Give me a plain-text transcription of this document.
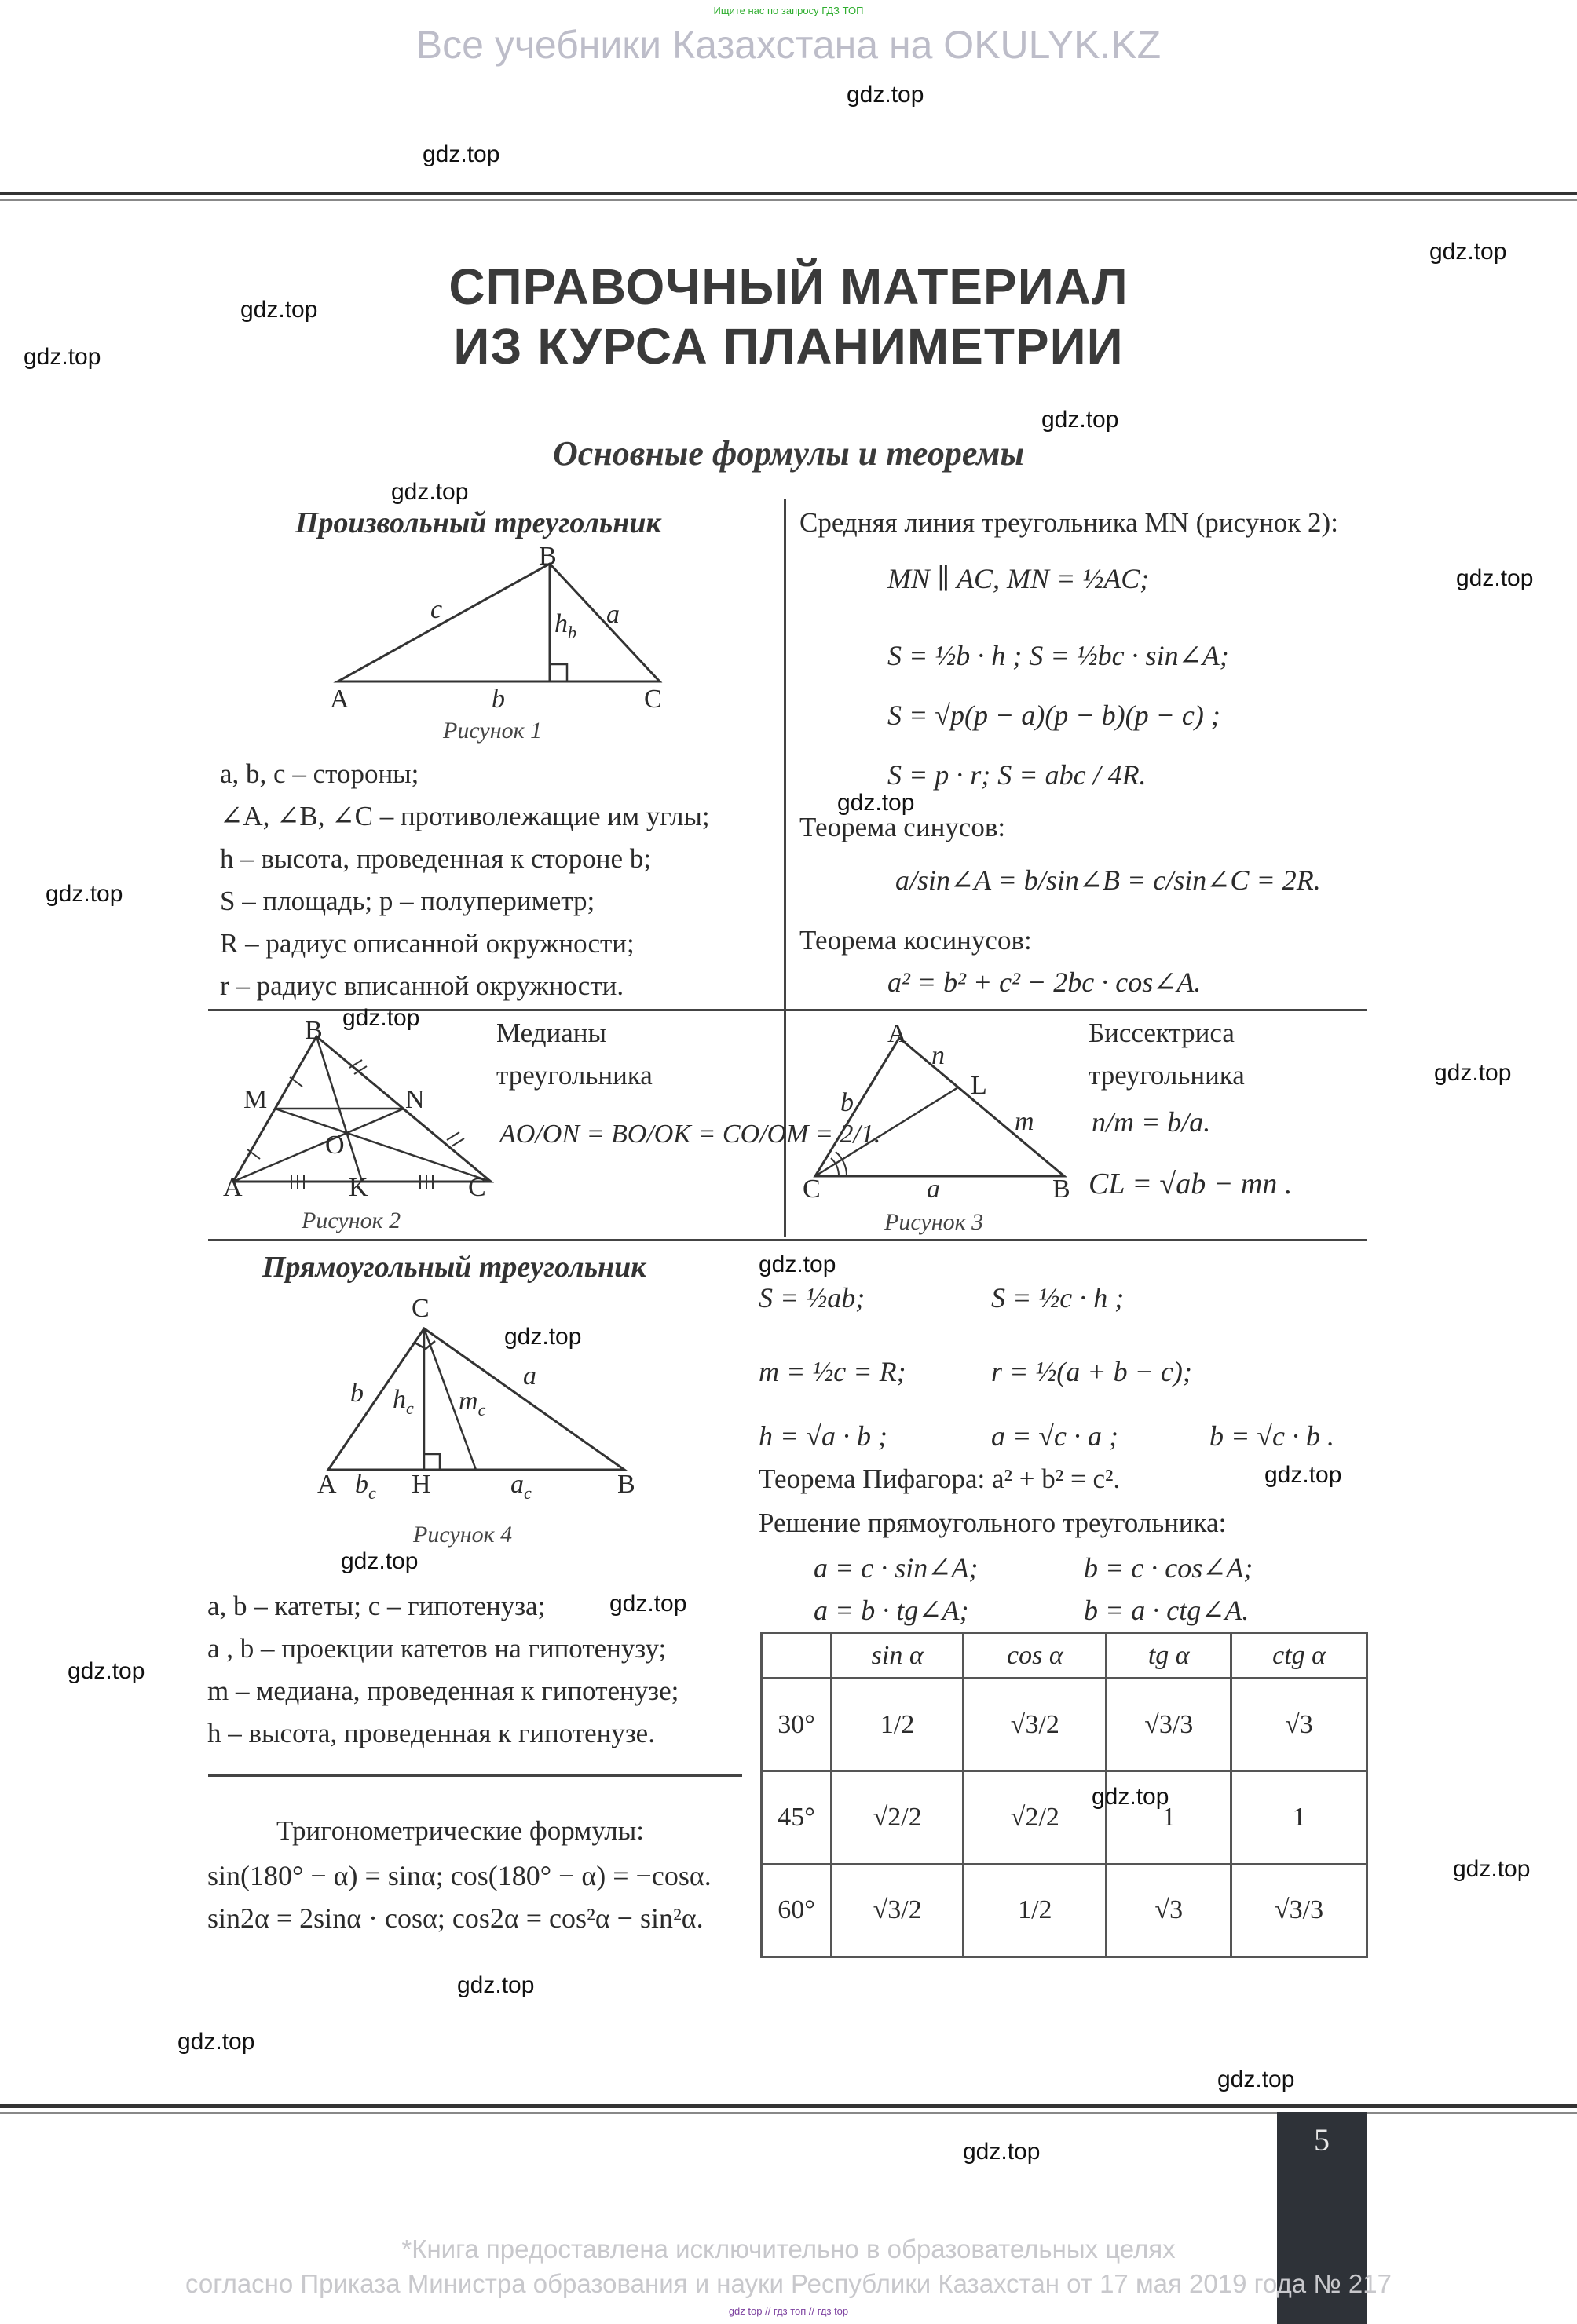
Ищите нас по запросу ГДЗ ТОП
Все учебники Казахстана на OKULYK.KZ
СПРАВОЧНЫЙ МАТЕРИАЛ
ИЗ КУРСА ПЛАНИМЕТРИИ
Основные формулы и теоремы
Произвольный треугольник
B
c	$h_b$
a
A	b	C
Рисунок 1
a, b, c – стороны;
∠A, ∠B, ∠C – противолежащие им углы;
h – высота, проведенная к стороне b;
S – площадь; p – полупериметр;
R – радиус описанной окружности;
r – радиус вписанной окружности.
Средняя линия треугольника MN (рисунок 2):
MN ∥ AC, MN = ½AC;
S = ½b · h ; S = ½bc · sin∠A;
S = √p(p − a)(p − b)(p − c) ;
S = p · r; S = abc / 4R.
Теорема синусов:
a/sin∠A = b/sin∠B = c/sin∠C = 2R.
Теорема косинусов:
a² = b² + c² − 2bc · cos∠A.
B
M	N
O
A	K	C
Рисунок 2
Медианы
треугольника
AO/ON = BO/OK = CO/OM = 2/1.
A
n
L
b
m
C	a	B
Рисунок 3
Биссектриса
треугольника
n/m = b/a.
CL = √ab − mn .
Прямоугольный треугольник
C
b $h_c$ $m_c$
a
A $b_c$ H	$a_c$	B
Рисунок 4
a, b – катеты; c – гипотенуза;
a , b – проекции катетов на гипотенузу;
m – медиана, проведенная к гипотенузе;
h – высота, проведенная к гипотенузе.
S = ½ab;	S = ½c · h ;
m = ½c = R;	r = ½(a + b − c);
h = √a · b ;	a = √c · a ;	b = √c · b .
Теорема Пифагора: a² + b² = c².
Решение прямоугольного треугольника:
a = c · sin∠A;	b = c · cos∠A;
a = b · tg∠A;	b = a · ctg∠A.
Тригонометрические формулы:
sin(180° − α) = sinα; cos(180° − α) = −cosα.
sin2α = 2sinα · cosα; cos2α = cos²α − sin²α.
	sin α	cos α	tg α	ctg α
30°	1/2	√3/2	√3/3	√3
45°	√2/2	√2/2	1	1
60°	√3/2	1/2	√3	√3/3
5
*Книга предоставлена исключительно в образовательных целях
согласно Приказа Министра образования и науки Республики Казахстан от 17 мая 2019 года № 217
gdz top // гдз топ // гдз top
gdz.top
gdz.top
gdz.top
gdz.top
gdz.top
gdz.top
gdz.top
gdz.top
gdz.top
gdz.top
gdz.top
gdz.top
gdz.top
gdz.top
gdz.top
gdz.top
gdz.top
gdz.top
gdz.top
gdz.top
gdz.top
gdz.top
gdz.top
gdz.top
